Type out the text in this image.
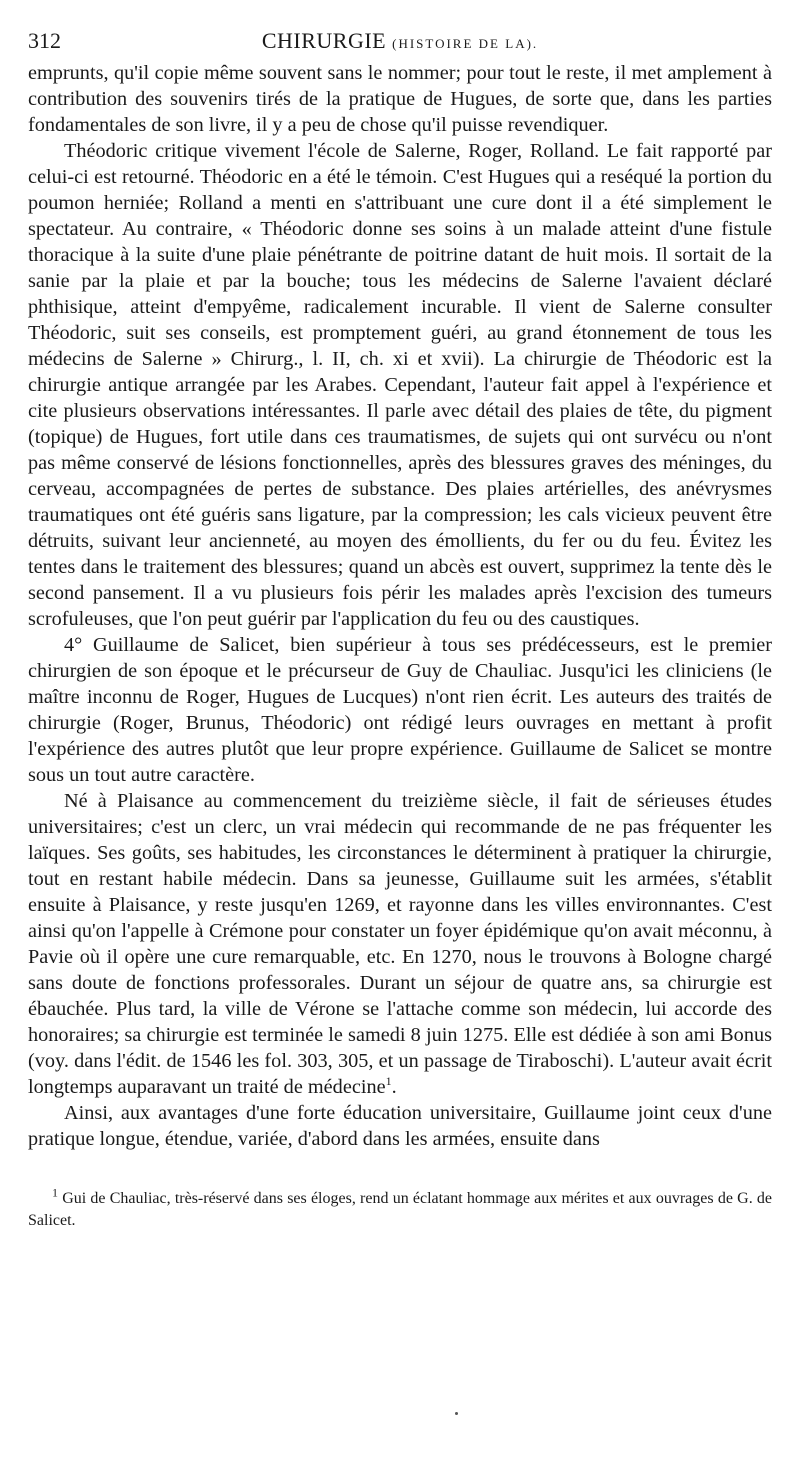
312	CHIRURGIE (HISTOIRE DE LA).

emprunts, qu'il copie même souvent sans le nommer; pour tout le reste, il met amplement à contribution des souvenirs tirés de la pratique de Hugues, de sorte que, dans les parties fondamentales de son livre, il y a peu de chose qu'il puisse revendiquer.

Théodoric critique vivement l'école de Salerne, Roger, Rolland. Le fait rapporté par celui-ci est retourné. Théodoric en a été le témoin. C'est Hugues qui a reséqué la portion du poumon herniée; Rolland a menti en s'attribuant une cure dont il a été simplement le spectateur. Au contraire, « Théodoric donne ses soins à un malade atteint d'une fistule thoracique à la suite d'une plaie pénétrante de poitrine datant de huit mois. Il sortait de la sanie par la plaie et par la bouche; tous les médecins de Salerne l'avaient déclaré phthisique, atteint d'empyême, radicalement incurable. Il vient de Salerne consulter Théodoric, suit ses conseils, est promptement guéri, au grand étonnement de tous les médecins de Salerne » Chirurg., l. II, ch. xi et xvii). La chirurgie de Théodoric est la chirurgie antique arrangée par les Arabes. Cependant, l'auteur fait appel à l'expérience et cite plusieurs observations intéressantes. Il parle avec détail des plaies de tête, du pigment (topique) de Hugues, fort utile dans ces traumatismes, de sujets qui ont survécu ou n'ont pas même conservé de lésions fonctionnelles, après des blessures graves des méninges, du cerveau, accompagnées de pertes de substance. Des plaies artérielles, des anévrysmes traumatiques ont été guéris sans ligature, par la compression; les cals vicieux peuvent être détruits, suivant leur ancienneté, au moyen des émollients, du fer ou du feu. Évitez les tentes dans le traitement des blessures; quand un abcès est ouvert, supprimez la tente dès le second pansement. Il a vu plusieurs fois périr les malades après l'excision des tumeurs scrofuleuses, que l'on peut guérir par l'application du feu ou des caustiques.

4° Guillaume de Salicet, bien supérieur à tous ses prédécesseurs, est le premier chirurgien de son époque et le précurseur de Guy de Chauliac. Jusqu'ici les cliniciens (le maître inconnu de Roger, Hugues de Lucques) n'ont rien écrit. Les auteurs des traités de chirurgie (Roger, Brunus, Théodoric) ont rédigé leurs ouvrages en mettant à profit l'expérience des autres plutôt que leur propre expérience. Guillaume de Salicet se montre sous un tout autre caractère.

Né à Plaisance au commencement du treizième siècle, il fait de sérieuses études universitaires; c'est un clerc, un vrai médecin qui recommande de ne pas fréquenter les laïques. Ses goûts, ses habitudes, les circonstances le déterminent à pratiquer la chirurgie, tout en restant habile médecin. Dans sa jeunesse, Guillaume suit les armées, s'établit ensuite à Plaisance, y reste jusqu'en 1269, et rayonne dans les villes environnantes. C'est ainsi qu'on l'appelle à Crémone pour constater un foyer épidémique qu'on avait méconnu, à Pavie où il opère une cure remarquable, etc. En 1270, nous le trouvons à Bologne chargé sans doute de fonctions professorales. Durant un séjour de quatre ans, sa chirurgie est ébauchée. Plus tard, la ville de Vérone se l'attache comme son médecin, lui accorde des honoraires; sa chirurgie est terminée le samedi 8 juin 1275. Elle est dédiée à son ami Bonus (voy. dans l'édit. de 1546 les fol. 303, 305, et un passage de Tiraboschi). L'auteur avait écrit longtemps auparavant un traité de médecine$^1$.

Ainsi, aux avantages d'une forte éducation universitaire, Guillaume joint ceux d'une pratique longue, étendue, variée, d'abord dans les armées, ensuite dans

$^1$ Gui de Chauliac, très-réservé dans ses éloges, rend un éclatant hommage aux mérites et aux ouvrages de G. de Salicet.
